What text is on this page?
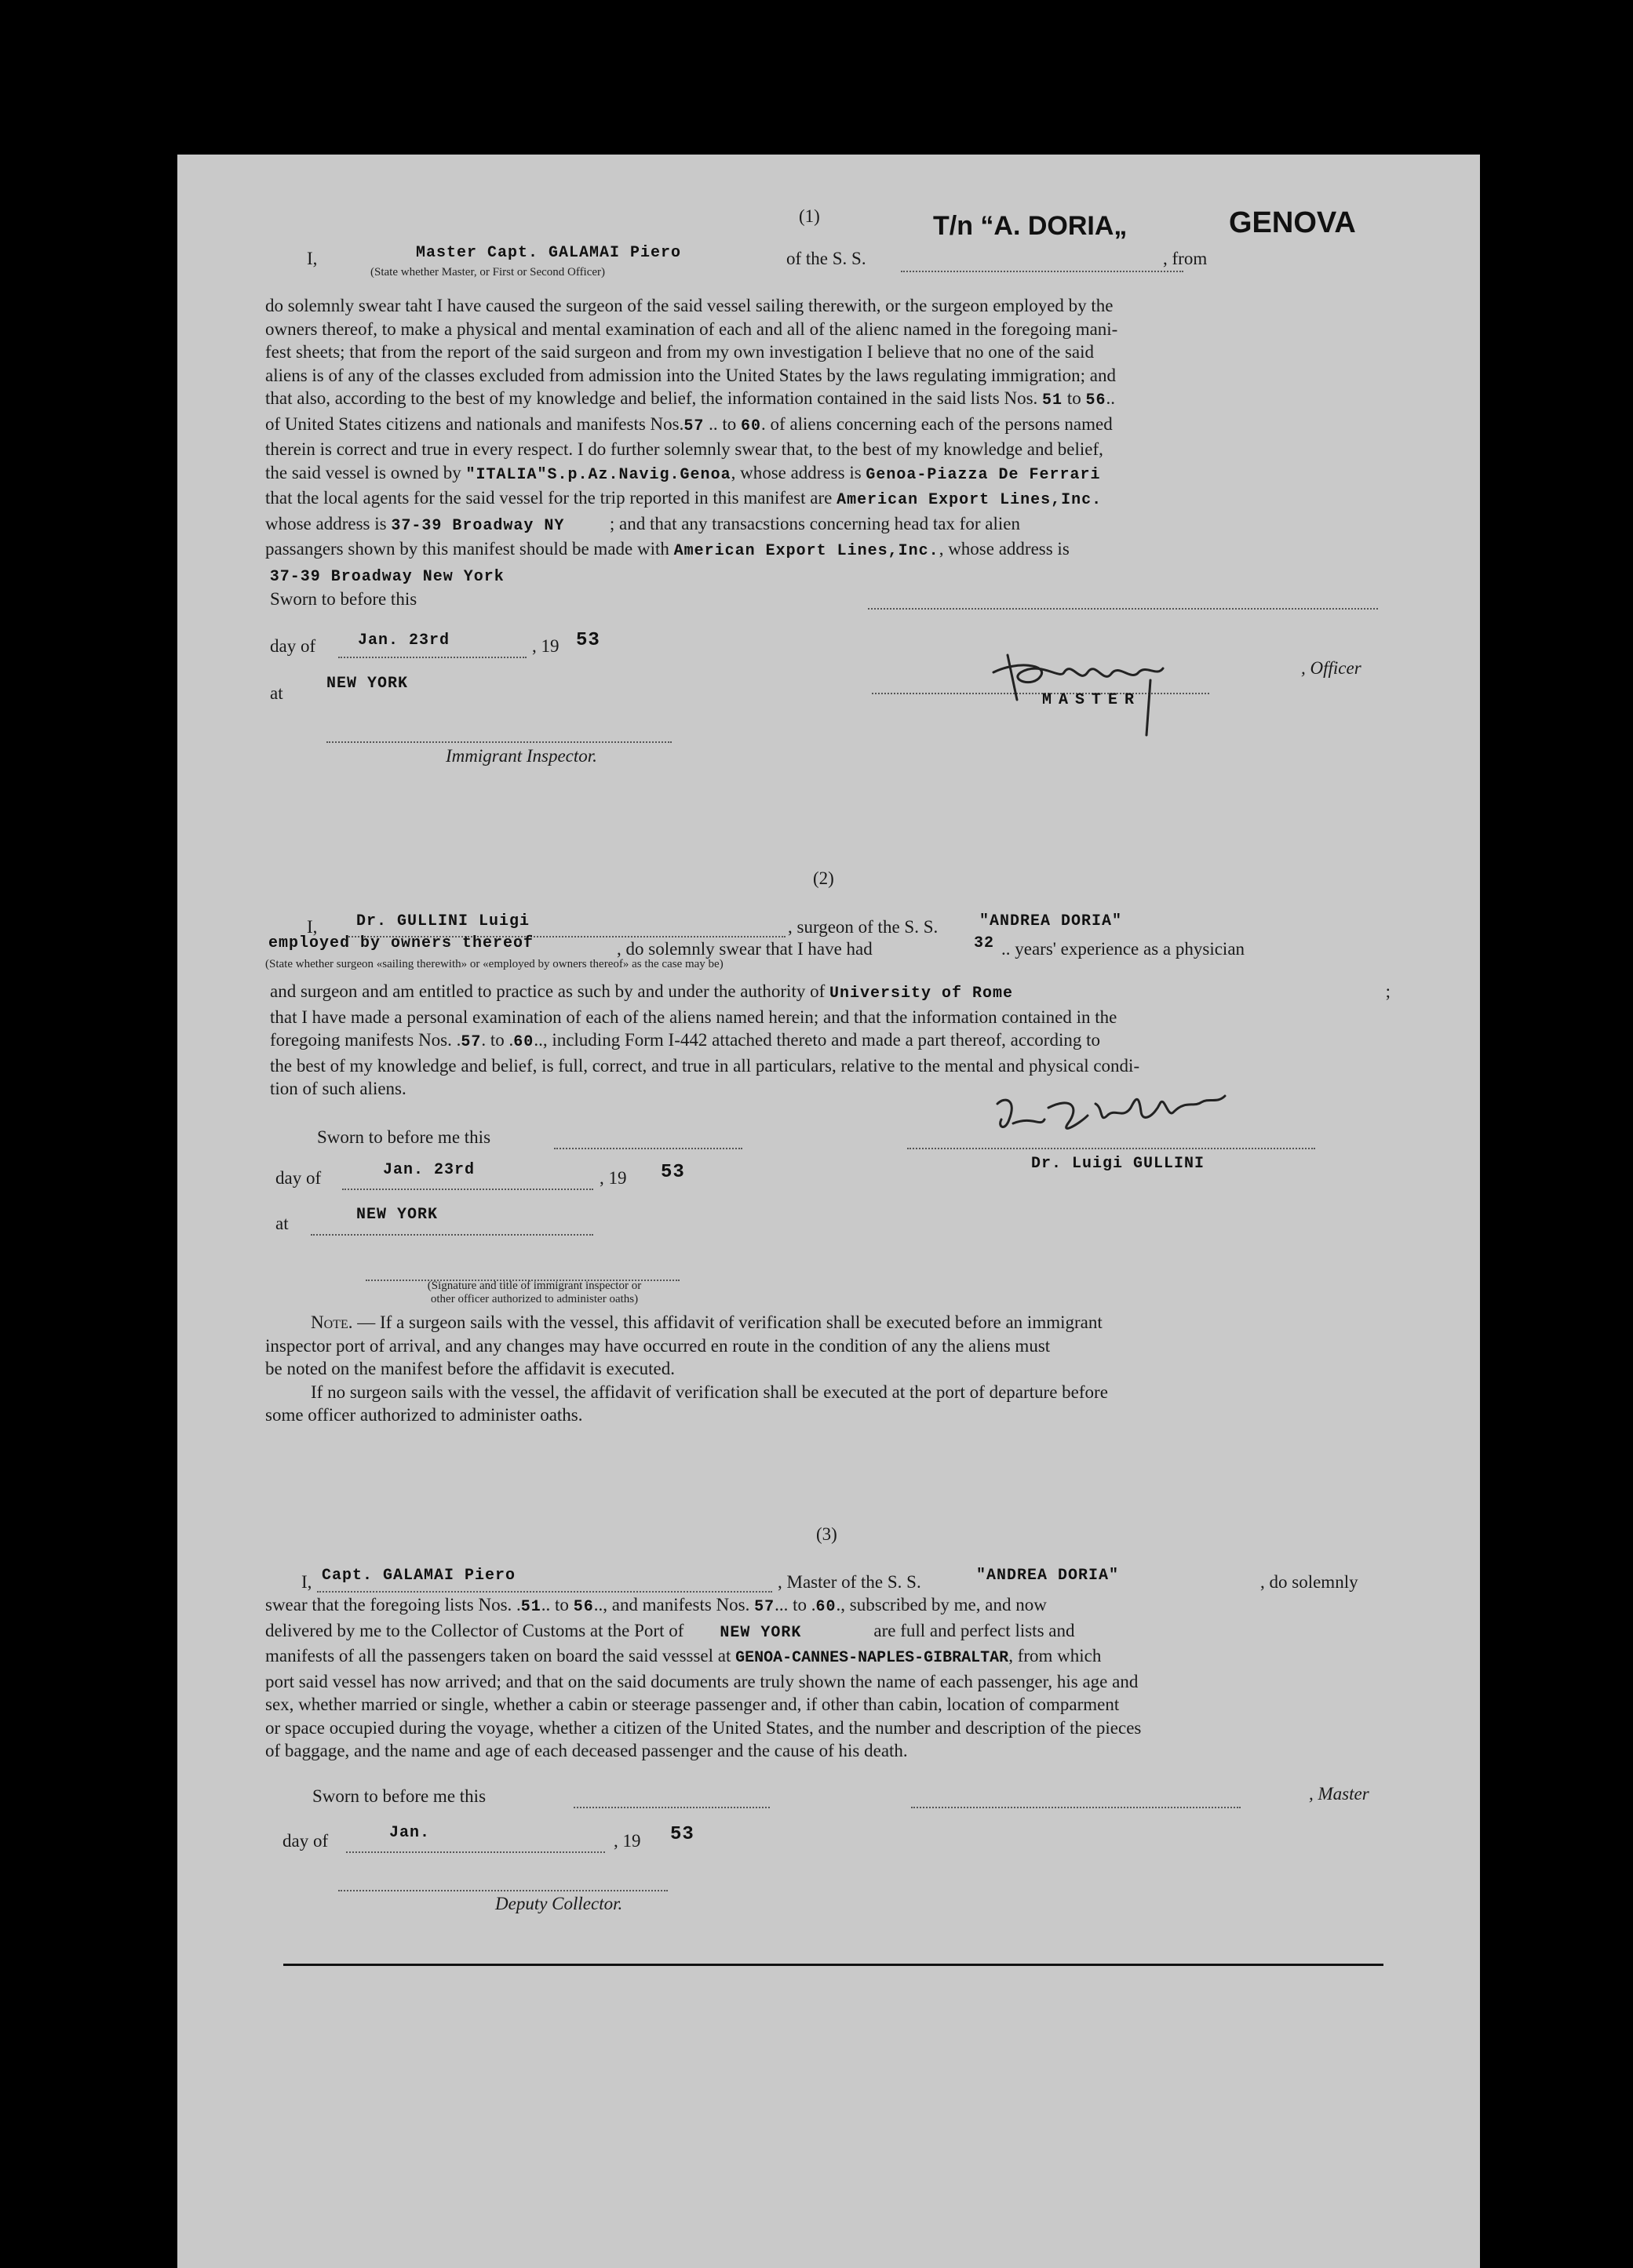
(1)	T/n “A. DORIA„	GENOVA
I,	Master Capt. GALAMAI Piero
(State whether Master, or First or Second Officer)
of the S. S.	, from
do solemnly swear taht I have caused the surgeon of the said vessel sailing therewith, or the surgeon employed by the
owners thereof, to make a physical and mental examination of each and all of the alienc named in the foregoing mani-
fest sheets; that from the report of the said surgeon and from my own investigation I believe that no one of the said
aliens is of any of the classes excluded from admission into the United States by the laws regulating immigration; and
that also, according to the best of my knowledge and belief, the information contained in the said lists Nos. 51 to 56..
of United States citizens and nationals and manifests Nos.57 .. to 60. of aliens concerning each of the persons named
therein is correct and true in every respect. I do further solemnly swear that, to the best of my knowledge and belief,
the said vessel is owned by "ITALIA"S.p.Az.Navig.Genoa, whose address is Genoa-Piazza De Ferrari
that the local agents for the said vessel for the trip reported in this manifest are American Export Lines,Inc.
whose address is 37-39 Broadway NY	; and that any transacstions concerning head tax for alien
passangers shown by this manifest should be made with American Export Lines,Inc., whose address is
37-39 Broadway New York
Sworn to before this
day of	Jan. 23rd	, 19 53
at	NEW YORK
, Officer
MASTER
Immigrant Inspector.
(2)
I, Dr. GULLINI Luigi	, surgeon of the S. S.	"ANDREA DORIA"
employed by owners thereof	, do solemnly swear that I have had	32 .. years' experience as a physician
(State whether surgeon «sailing therewith» or «employed by owners thereof» as the case may be)
and surgeon and am entitled to practice as such by and under the authority of University of Rome	;
that I have made a personal examination of each of the aliens named herein; and that the information contained in the
foregoing manifests Nos. .57. to .60.., including Form I-442 attached thereto and made a part thereof, according to
the best of my knowledge and belief, is full, correct, and true in all particulars, relative to the mental and physical condi-
tion of such aliens.
Sworn to before me this
Dr. Luigi GULLINI
day of	Jan. 23rd	, 19 53
at	NEW YORK
(Signature and title of immigrant inspector or
other officer authorized to administer oaths)
Note. — If a surgeon sails with the vessel, this affidavit of verification shall be executed before an immigrant
inspector port of arrival, and any changes may have occurred en route in the condition of any the aliens must
be noted on the manifest before the affidavit is executed.
If no surgeon sails with the vessel, the affidavit of verification shall be executed at the port of departure before
some officer authorized to administer oaths.
(3)
I, Capt. GALAMAI Piero	, Master of the S. S.	"ANDREA DORIA"	, do solemnly
swear that the foregoing lists Nos. .51.. to 56.., and manifests Nos. 57... to .60., subscribed by me, and now
delivered by me to the Collector of Customs at the Port of NEW YORK	are full and perfect lists and
manifests of all the passengers taken on board the said vesssel at GENOA-CANNES-NAPLES-GIBRALTAR, from which
port said vessel has now arrived; and that on the said documents are truly shown the name of each passenger, his age and
sex, whether married or single, whether a cabin or steerage passenger and, if other than cabin, location of comparment
or space occupied during the voyage, whether a citizen of the United States, and the number and description of the pieces
of baggage, and the name and age of each deceased passenger and the cause of his death.
Sworn to before me this	, Master
day of	Jan.	, 19 53
Deputy Collector.
